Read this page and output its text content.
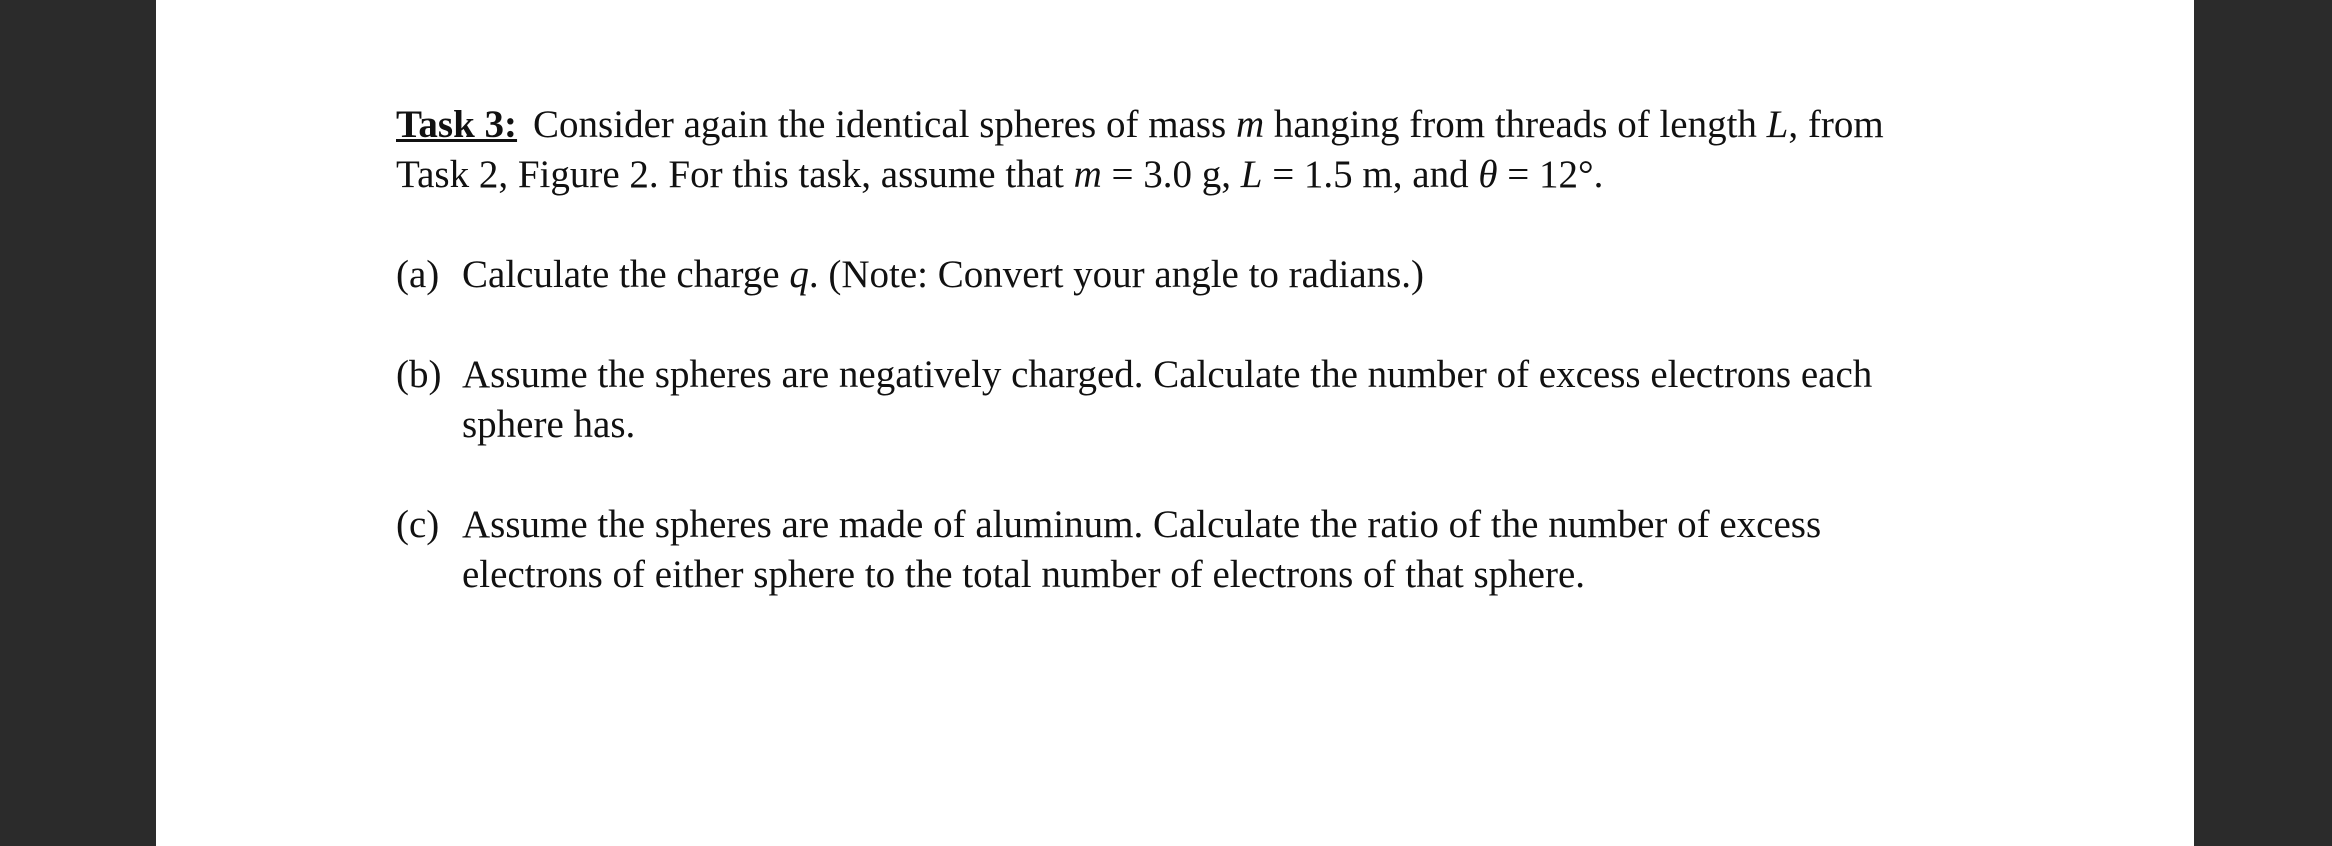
Task 3: Consider again the identical spheres of mass m hanging from threads of length L, from Task 2, Figure 2. For this task, assume that m = 3.0 g, L = 1.5 m, and θ = 12°.

(a) Calculate the charge q. (Note: Convert your angle to radians.)
(b) Assume the spheres are negatively charged. Calculate the number of excess electrons each sphere has.
(c) Assume the spheres are made of aluminum. Calculate the ratio of the number of excess electrons of either sphere to the total number of electrons of that sphere.
